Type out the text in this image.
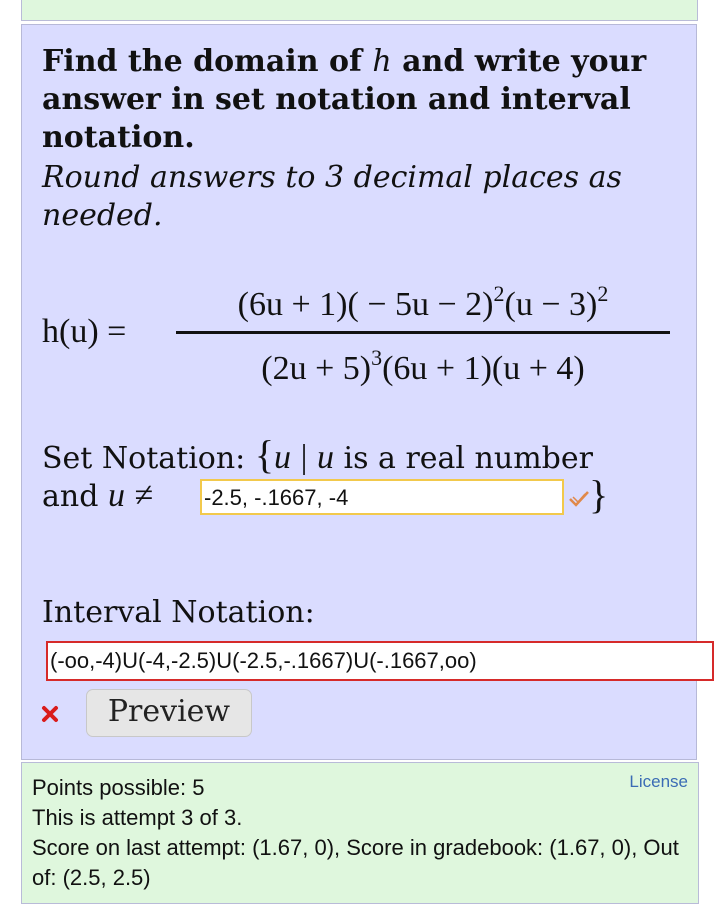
Find the domain of h and write your answer in set notation and interval notation.
Round answers to 3 decimal places as needed.
h(u) =
$(6u + 1)( - 5u - 2)^2(u - 3)^2$
$(2u + 5)^3(6u + 1)(u + 4)$
Set Notation: {u | u is a real number
and u ≠ -2.5, -.1667, -4	}
Interval Notation:
(-oo,-4)U(-4,-2.5)U(-2.5,-.1667)U(-.1667,oo)
Preview
Points possible: 5
This is attempt 3 of 3.
Score on last attempt: (1.67, 0), Score in gradebook: (1.67, 0), Out of: (2.5, 2.5)
License
